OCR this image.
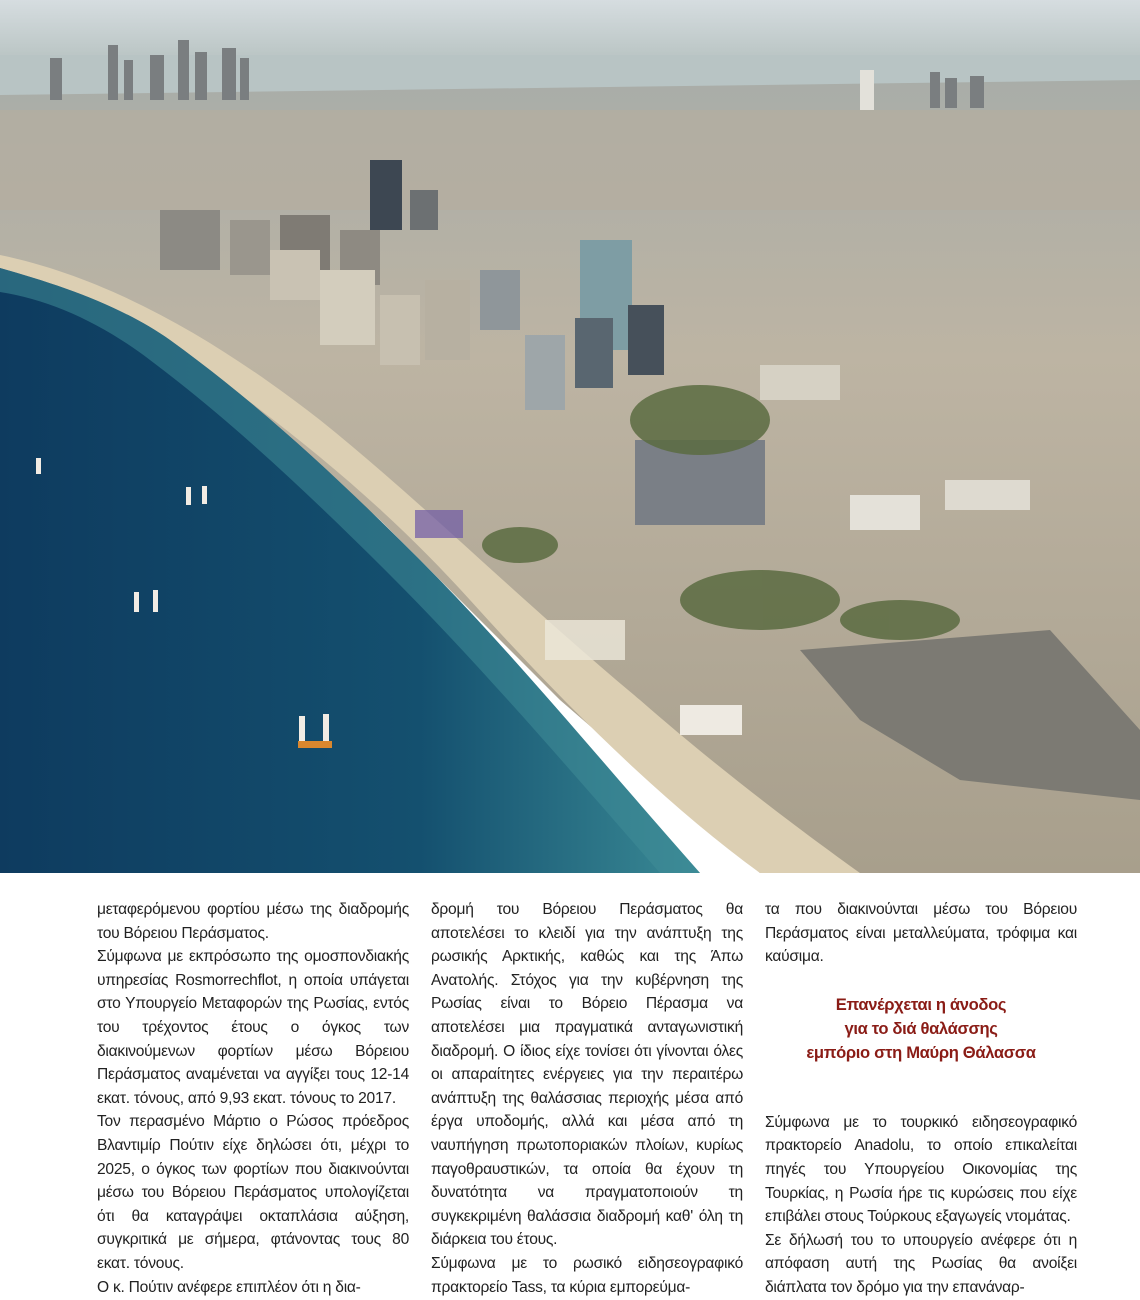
μεταφερόμενου φορτίου μέσω της διαδρομής του Βόρειου Περάσματος.

Σύμφωνα με εκπρόσωπο της ομοσπονδιακής υπηρεσίας Rosmorrechflot, η οποία υπάγεται στο Υπουργείο Μεταφορών της Ρωσίας, εντός του τρέχοντος έτους ο όγκος των διακινούμενων φορτίων μέσω Βόρειου Περάσματος αναμένεται να αγγίξει τους 12-14 εκατ. τόνους, από 9,93 εκατ. τόνους το 2017.

Τον περασμένο Μάρτιο ο Ρώσος πρόεδρος Βλαντιμίρ Πούτιν είχε δηλώσει ότι, μέχρι το 2025, ο όγκος των φορτίων που διακινούνται μέσω του Βόρειου Περάσματος υπολογίζεται ότι θα καταγράψει οκταπλάσια αύξηση, συγκριτικά με σήμερα, φτάνοντας τους 80 εκατ. τόνους.

Ο κ. Πούτιν ανέφερε επιπλέον ότι η δια-

δρομή του Βόρειου Περάσματος θα αποτελέσει το κλειδί για την ανάπτυξη της ρωσικής Αρκτικής, καθώς και της Άπω Ανατολής. Στόχος για την κυβέρνηση της Ρωσίας είναι το Βόρειο Πέρασμα να αποτελέσει μια πραγματικά ανταγωνιστική διαδρομή. Ο ίδιος είχε τονίσει ότι γίνονται όλες οι απαραίτητες ενέργειες για την περαιτέρω ανάπτυξη της θαλάσσιας περιοχής μέσα από έργα υποδομής, αλλά και μέσα από τη ναυπήγηση πρωτοποριακών πλοίων, κυρίως παγοθραυστικών, τα οποία θα έχουν τη δυνατότητα να πραγματοποιούν τη συγκεκριμένη θαλάσσια διαδρομή καθ' όλη τη διάρκεια του έτους.

Σύμφωνα με το ρωσικό ειδησεογραφικό πρακτορείο Tass, τα κύρια εμπορεύμα-

τα που διακινούνται μέσω του Βόρειου Περάσματος είναι μεταλλεύματα, τρόφιμα και καύσιμα.

Επανέρχεται η άνοδος
για το διά θαλάσσης
εμπόριο στη Μαύρη Θάλασσα

Σύμφωνα με το τουρκικό ειδησεογραφικό πρακτορείο Anadolu, το οποίο επικαλείται πηγές του Υπουργείου Οικονομίας της Τουρκίας, η Ρωσία ήρε τις κυρώσεις που είχε επιβάλει στους Τούρκους εξαγωγείς ντομάτας.

Σε δήλωσή του το υπουργείο ανέφερε ότι η απόφαση αυτή της Ρωσίας θα ανοίξει διάπλατα τον δρόμο για την επανάναρ-
